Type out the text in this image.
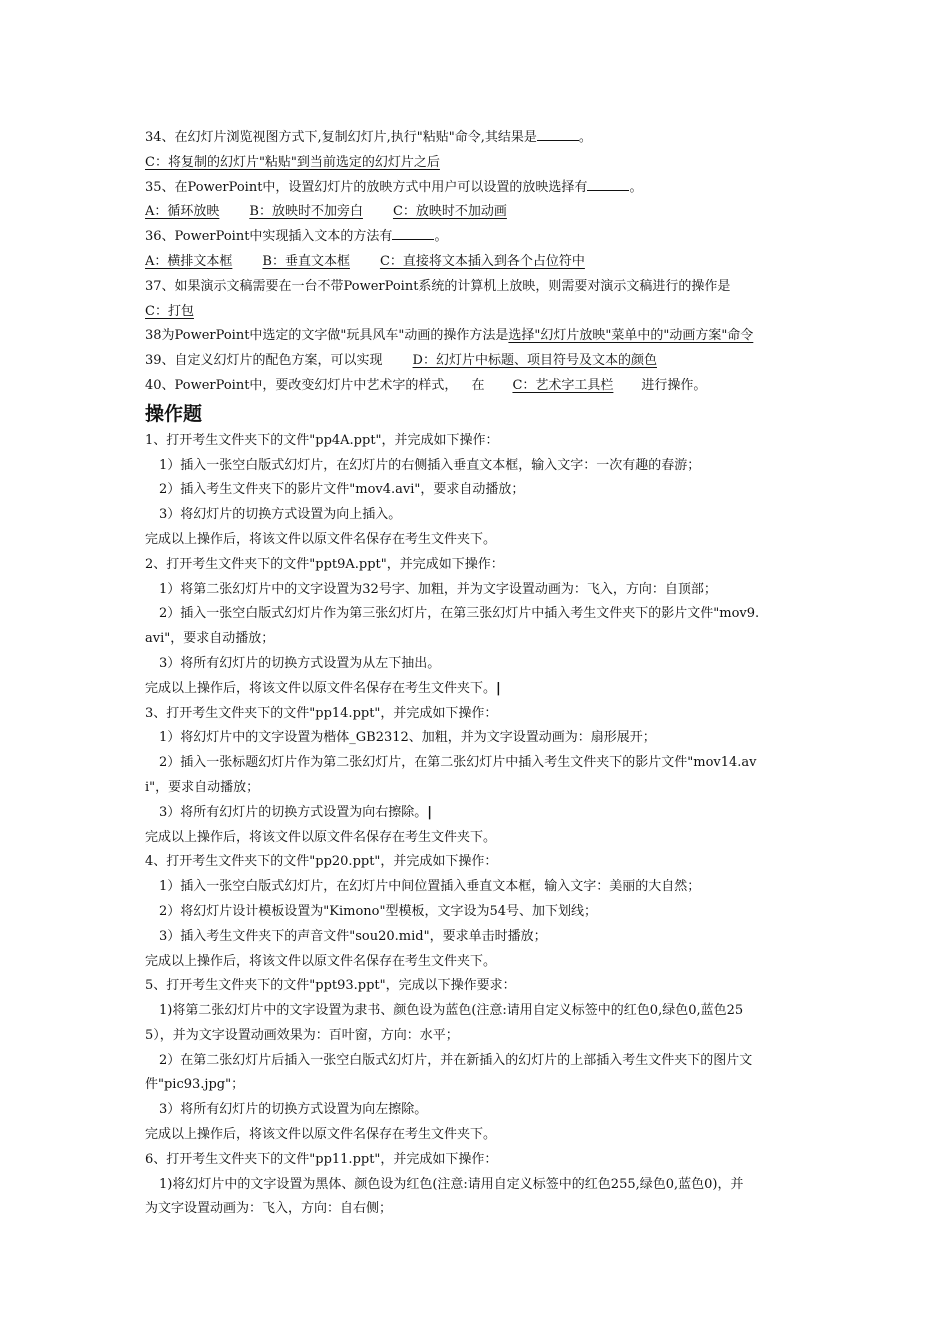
34、在幻灯片浏览视图方式下,复制幻灯片,执行"粘贴"命令,其结果是	。
C：将复制的幻灯片"粘贴"到当前选定的幻灯片之后
35、在PowerPoint中，设置幻灯片的放映方式中用户可以设置的放映选择有	。
A：循环放映 B：放映时不加旁白 C：放映时不加动画
36、PowerPoint中实现插入文本的方法有	。
A：横排文本框 B：垂直文本框 C：直接将文本插入到各个占位符中
37、如果演示文稿需要在一台不带PowerPoint系统的计算机上放映，则需要对演示文稿进行的操作是
C：打包
38为PowerPoint中选定的文字做"玩具风车"动画的操作方法是选择"幻灯片放映"菜单中的"动画方案"命令
39、自定义幻灯片的配色方案，可以实现 D：幻灯片中标题、项目符号及文本的颜色
40、PowerPoint中，要改变幻灯片中艺术字的样式， 在 C：艺术字工具栏 进行操作。
操作题
1、打开考生文件夹下的文件"pp4A.ppt"，并完成如下操作：
1）插入一张空白版式幻灯片，在幻灯片的右侧插入垂直文本框，输入文字：一次有趣的春游；
2）插入考生文件夹下的影片文件"mov4.avi"，要求自动播放；
3）将幻灯片的切换方式设置为向上插入。
完成以上操作后，将该文件以原文件名保存在考生文件夹下。
2、打开考生文件夹下的文件"ppt9A.ppt"，并完成如下操作：
1）将第二张幻灯片中的文字设置为32号字、加粗，并为文字设置动画为：飞入，方向：自顶部；
2）插入一张空白版式幻灯片作为第三张幻灯片，在第三张幻灯片中插入考生文件夹下的影片文件"mov9.
avi"，要求自动播放；
3）将所有幻灯片的切换方式设置为从左下抽出。
完成以上操作后，将该文件以原文件名保存在考生文件夹下。|
3、打开考生文件夹下的文件"pp14.ppt"，并完成如下操作：
1）将幻灯片中的文字设置为楷体_GB2312、加粗，并为文字设置动画为：扇形展开；
2）插入一张标题幻灯片作为第二张幻灯片，在第二张幻灯片中插入考生文件夹下的影片文件"mov14.av
i"，要求自动播放；
3）将所有幻灯片的切换方式设置为向右擦除。|
完成以上操作后，将该文件以原文件名保存在考生文件夹下。
4、打开考生文件夹下的文件"pp20.ppt"，并完成如下操作：
1）插入一张空白版式幻灯片，在幻灯片中间位置插入垂直文本框，输入文字：美丽的大自然；
2）将幻灯片设计模板设置为"Kimono"型模板，文字设为54号、加下划线；
3）插入考生文件夹下的声音文件"sou20.mid"，要求单击时播放；
完成以上操作后，将该文件以原文件名保存在考生文件夹下。
5、打开考生文件夹下的文件"ppt93.ppt"，完成以下操作要求：
1)将第二张幻灯片中的文字设置为隶书、颜色设为蓝色(注意:请用自定义标签中的红色0,绿色0,蓝色25
5），并为文字设置动画效果为：百叶窗，方向：水平；
2）在第二张幻灯片后插入一张空白版式幻灯片，并在新插入的幻灯片的上部插入考生文件夹下的图片文
件"pic93.jpg"；
3）将所有幻灯片的切换方式设置为向左擦除。
完成以上操作后，将该文件以原文件名保存在考生文件夹下。
6、打开考生文件夹下的文件"pp11.ppt"，并完成如下操作：
1)将幻灯片中的文字设置为黑体、颜色设为红色(注意:请用自定义标签中的红色255,绿色0,蓝色0)，并
为文字设置动画为：飞入，方向：自右侧；
